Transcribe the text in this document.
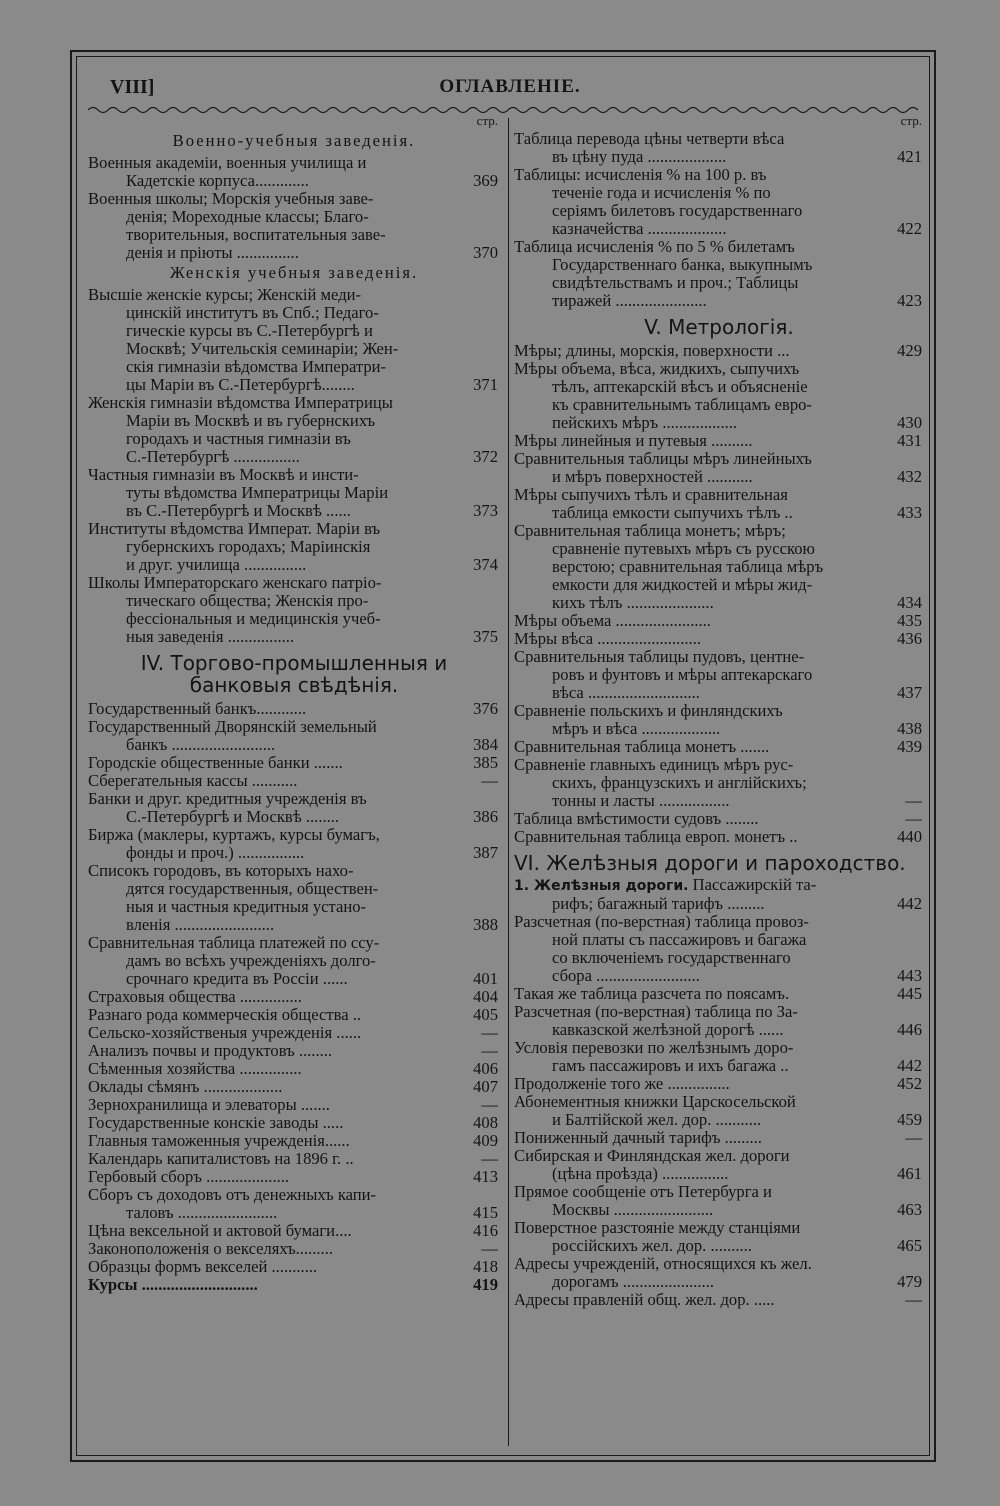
VIII]	ОГЛАВЛЕНІЕ.
стр.
Военно-учебныя заведенія.
Военныя академіи, военныя училища и
Кадетскіе корпуса.............	369
Военныя школы; Морскія учебныя заве-
денія; Мореходные классы; Благо-
творительныя, воспитательныя заве-
денія и пріюты ...............	370
Женскія учебныя заведенія.
Высшіе женскіе курсы; Женскій меди-
цинскій институтъ въ Спб.; Педаго-
гическіе курсы въ С.-Петербургѣ и
Москвѣ; Учительскія семинаріи; Жен-
скія гимназіи вѣдомства Императри-
цы Маріи въ С.-Петербургѣ........	371
Женскія гимназіи вѣдомства Императрицы
Маріи въ Москвѣ и въ губернскихъ
городахъ и частныя гимназіи въ
С.-Петербургѣ ................	372
Частныя гимназіи въ Москвѣ и инсти-
туты вѣдомства Императрицы Маріи
въ С.-Петербургѣ и Москвѣ ......	373
Институты вѣдомства Императ. Маріи въ
губернскихъ городахъ; Маріинскія
и друг. училища ...............	374
Школы Императорскаго женскаго патріо-
тическаго общества; Женскія про-
фессіональныя и медицинскія учеб-
ныя заведенія ................	375
IV. Торгово-промышленныя и банковыя свѣдѣнія.
Государственный банкъ............	376
Государственный Дворянскій земельный
банкъ .........................	384
Городскіе общественные банки .......	385
Сберегательныя кассы ...........	—
Банки и друг. кредитныя учрежденія въ
С.-Петербургѣ и Москвѣ ........	386
Биржа (маклеры, куртажъ, курсы бумагъ,
фонды и проч.) ................	387
Списокъ городовъ, въ которыхъ нахо-
дятся государственныя, обществен-
ныя и частныя кредитныя устано-
вленія ........................	388
Сравнительная таблица платежей по ссу-
дамъ во всѣхъ учрежденіяхъ долго-
срочнаго кредита въ Россіи ......	401
Страховыя общества ...............	404
Разнаго рода коммерческія общества ..	405
Сельско-хозяйственыя учрежденія ......	—
Анализъ почвы и продуктовъ ........	—
Сѣменныя хозяйства ...............	406
Оклады сѣмянъ ...................	407
Зернохранилища и элеваторы .......	—
Государственные конскіе заводы .....	408
Главныя таможенныя учрежденія......	409
Календарь капиталистовъ на 1896 г. ..	—
Гербовый сборъ ....................	413
Сборъ съ доходовъ отъ денежныхъ капи-
таловъ ........................	415
Цѣна вексельной и актовой бумаги....	416
Законоположенія о векселяхъ.........	—
Образцы формъ векселей ...........	418
Курсы ............................	419
стр.
Таблица перевода цѣны четверти вѣса
въ цѣну пуда ...................	421
Таблицы: исчисленія % на 100 р. въ
теченіе года и исчисленія % по
серіямъ билетовъ государственнаго
казначейства ...................	422
Таблица исчисленія % по 5 % билетамъ
Государственнаго банка, выкупнымъ
свидѣтельствамъ и проч.; Таблицы
тиражей ......................	423
V. Метрологія.
Мѣры; длины, морскія, поверхности ...	429
Мѣры объема, вѣса, жидкихъ, сыпучихъ
тѣлъ, аптекарскій вѣсъ и объясненіе
къ сравнительнымъ таблицамъ евро-
пейскихъ мѣръ ..................	430
Мѣры линейныя и путевыя ..........	431
Сравнительныя таблицы мѣръ линейныхъ
и мѣръ поверхностей ...........	432
Мѣры сыпучихъ тѣлъ и сравнительная
таблица емкости сыпучихъ тѣлъ ..	433
Сравнительная таблица монетъ; мѣръ;
сравненіе путевыхъ мѣръ съ русскою
верстою; сравнительная таблица мѣръ
емкости для жидкостей и мѣры жид-
кихъ тѣлъ .....................	434
Мѣры объема .......................	435
Мѣры вѣса .........................	436
Сравнительныя таблицы пудовъ, центне-
ровъ и фунтовъ и мѣры аптекарскаго
вѣса ...........................	437
Сравненіе польскихъ и финляндскихъ
мѣръ и вѣса ...................	438
Сравнительная таблица монетъ .......	439
Сравненіе главныхъ единицъ мѣръ рус-
скихъ, французскихъ и англійскихъ;
тонны и ласты .................	—
Таблица вмѣстимости судовъ ........	—
Сравнительная таблица европ. монетъ ..	440
VI. Желѣзныя дороги и пароходство.
1. Желѣзныя дороги. Пассажирскій та-
рифъ; багажный тарифъ .........	442
Разсчетная (по-верстная) таблица провоз-
ной платы съ пассажировъ и багажа
со включеніемъ государственнаго
сбора .........................	443
Такая же таблица разсчета по поясамъ.	445
Разсчетная (по-верстная) таблица по За-
кавказской желѣзной дорогѣ ......	446
Условія перевозки по желѣзнымъ доро-
гамъ пассажировъ и ихъ багажа ..	442
Продолженіе того же ...............	452
Абонементныя книжки Царскосельской
и Балтійской жел. дор. ...........	459
Пониженный дачный тарифъ .........	—
Сибирская и Финляндская жел. дороги
(цѣна проѣзда) ................	461
Прямое сообщеніе отъ Петербурга и
Москвы ........................	463
Поверстное разстояніе между станціями
россійскихъ жел. дор. ..........	465
Адресы учрежденій, относящихся къ жел.
дорогамъ ......................	479
Адресы правленій общ. жел. дор. .....	—
